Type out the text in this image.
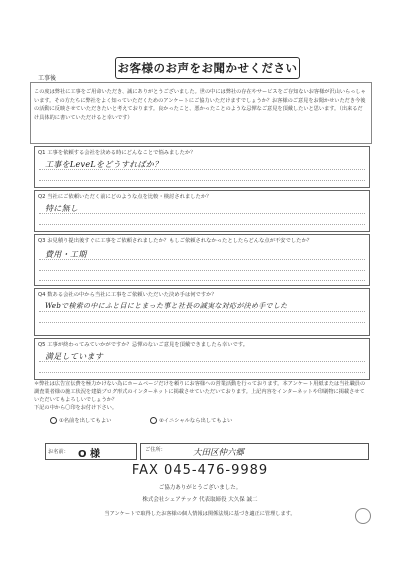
お客様のお声をお聞かせください
工事後
この度は弊社に工事をご用命いただき、誠にありがとうございました。世の中には弊社の存在やサービスをご存知ないお客様が沢山いらっしゃいます。その方たちに弊社をよく知っていただくためのアンケートにご協力いただけますでしょうか？お客様のご意見をお聞かせいただき今後の活動に反映させていただきたいと考えております。良かったこと、悪かったことのような忌憚なご意見を頂戴したいと思います。（出来るだけ具体的に書いていただけると幸いです）
Q1 工事を依頼する会社を決める時にどんなことで悩みましたか？
工事をLeveLをどうすればか？
Q2 当社にご依頼いただく前にどのような点を比較・検討されましたか？
特に無し
Q3 お見積り提出後すぐに工事をご依頼されましたか？もしご依頼されなかったとしたらどんな点が不安でしたか？
費用・工期
Q4 数ある会社の中から当社に工事をご依頼いただいた決め手は何ですか？
Webで検索の中にふと目にとまった事と社長の誠実な対応が決め手でした
Q5 工事が終わってみていかがですか？忌憚のないご意見を頂戴できましたら幸いです。
満足しています
＊弊社は広告宣伝費を極力かけない為にホームページだけを頼りにお客様への営業活動を行っております。本アンケート用紙または当社職員の調査業者様の施工状況を建築ブログ形式のインターネットに掲載させていただいております。上記内容をインターネットや印刷物に掲載させていただいてもよろしいでしょうか？
下記の中から〇印をお付け下さい。
①名前を出してもよい	②イニシャルなら出してもよい
お名前： O 様	ご住所：	大田区仲六郷
FAX 045-476-9989
ご協力ありがとうございました。
株式会社シェアテック 代表取締役 大久保 誠二
当アンケートで取得したお客様の個人情報は関係法規に基づき適正に管理します。
